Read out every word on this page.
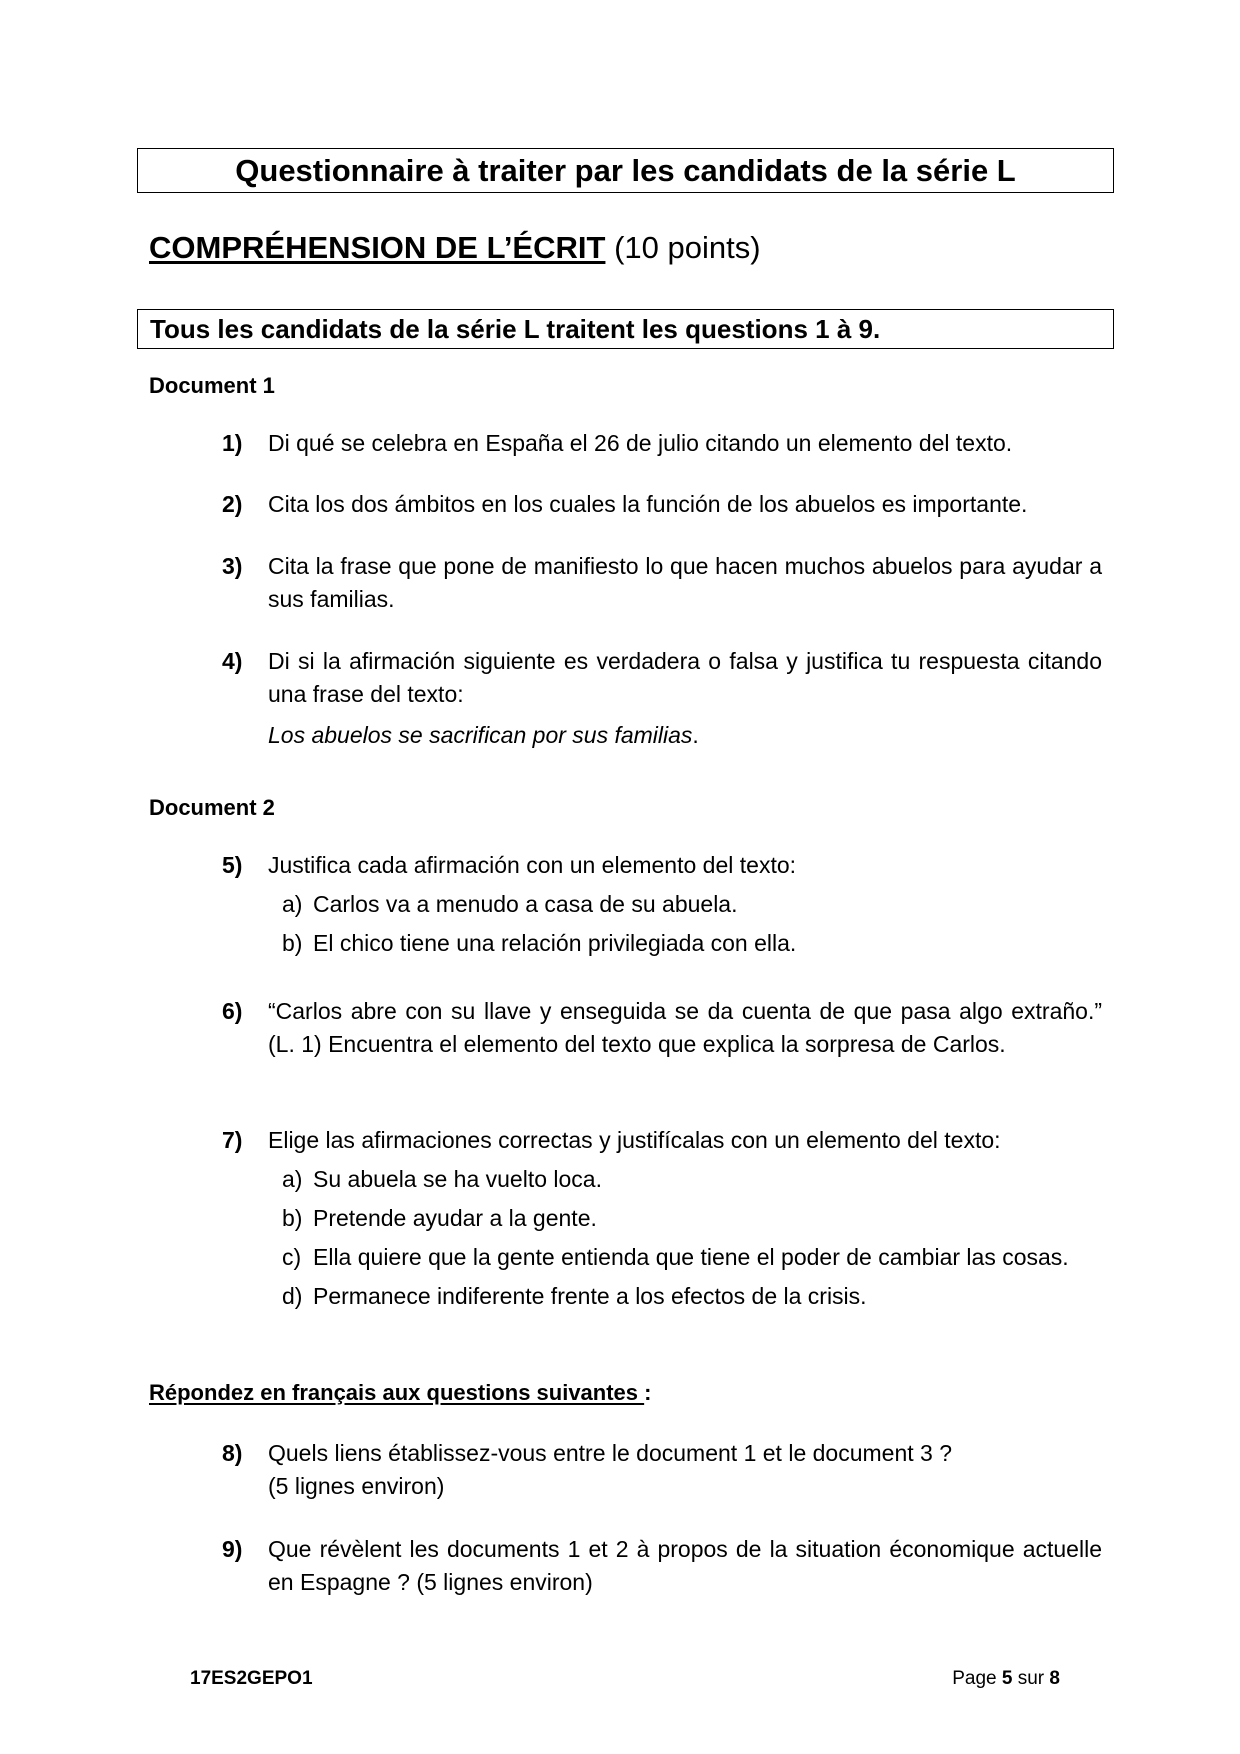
Questionnaire à traiter par les candidats de la série L
COMPRÉHENSION DE L’ÉCRIT (10 points)
Tous les candidats de la série L traitent les questions 1 à 9.
Document 1
1) Di qué se celebra en España el 26 de julio citando un elemento del texto.
2) Cita los dos ámbitos en los cuales la función de los abuelos es importante.
3) Cita la frase que pone de manifiesto lo que hacen muchos abuelos para ayudar a sus familias.
4) Di si la afirmación siguiente es verdadera o falsa y justifica tu respuesta citando una frase del texto:
Los abuelos se sacrifican por sus familias.
Document 2
5) Justifica cada afirmación con un elemento del texto:
a) Carlos va a menudo a casa de su abuela.
b) El chico tiene una relación privilegiada con ella.
6) “Carlos abre con su llave y enseguida se da cuenta de que pasa algo extraño.” (L. 1) Encuentra el elemento del texto que explica la sorpresa de Carlos.
7) Elige las afirmaciones correctas y justifícalas con un elemento del texto:
a) Su abuela se ha vuelto loca.
b) Pretende ayudar a la gente.
c) Ella quiere que la gente entienda que tiene el poder de cambiar las cosas.
d) Permanece indiferente frente a los efectos de la crisis.
Répondez en français aux questions suivantes :
8) Quels liens établissez-vous entre le document 1 et le document 3 ?
(5 lignes environ)
9) Que révèlent les documents 1 et 2 à propos de la situation économique actuelle en Espagne ? (5 lignes environ)
17ES2GEPO1	Page 5 sur 8
